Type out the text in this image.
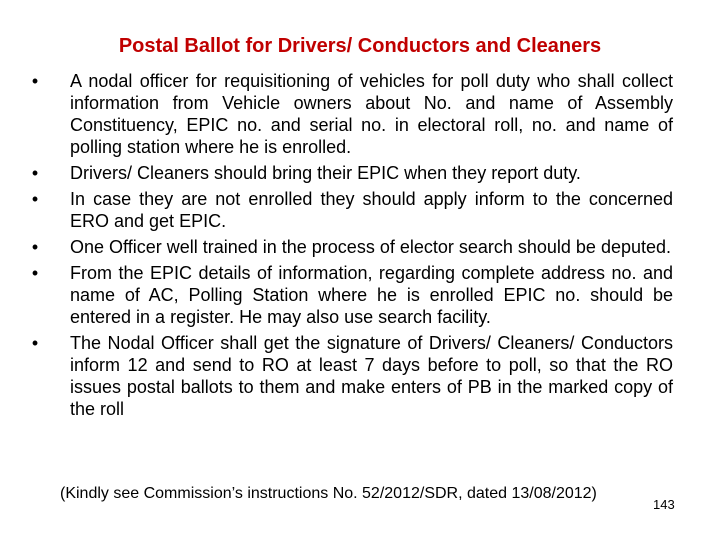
Postal Ballot for Drivers/ Conductors and Cleaners
• A nodal officer for requisitioning of vehicles for poll duty who shall collect information from Vehicle owners about No. and name of Assembly Constituency, EPIC no. and serial no. in electoral roll, no. and name of polling station where he is enrolled.
• Drivers/ Cleaners should bring their EPIC when they report duty.
• In case they are not enrolled they should apply inform to the concerned ERO and get EPIC.
• One Officer well trained in the process of elector search should be deputed.
• From the EPIC details of information, regarding complete address no. and name of AC, Polling Station where he is enrolled EPIC no. should be entered in a register. He may also use search facility.
• The Nodal Officer shall get the signature of Drivers/ Cleaners/ Conductors inform 12 and send to RO at least 7 days before to poll, so that the RO issues postal ballots to them and make enters of PB in the marked copy of the roll
(Kindly see Commission’s instructions No. 52/2012/SDR, dated 13/08/2012)
143
